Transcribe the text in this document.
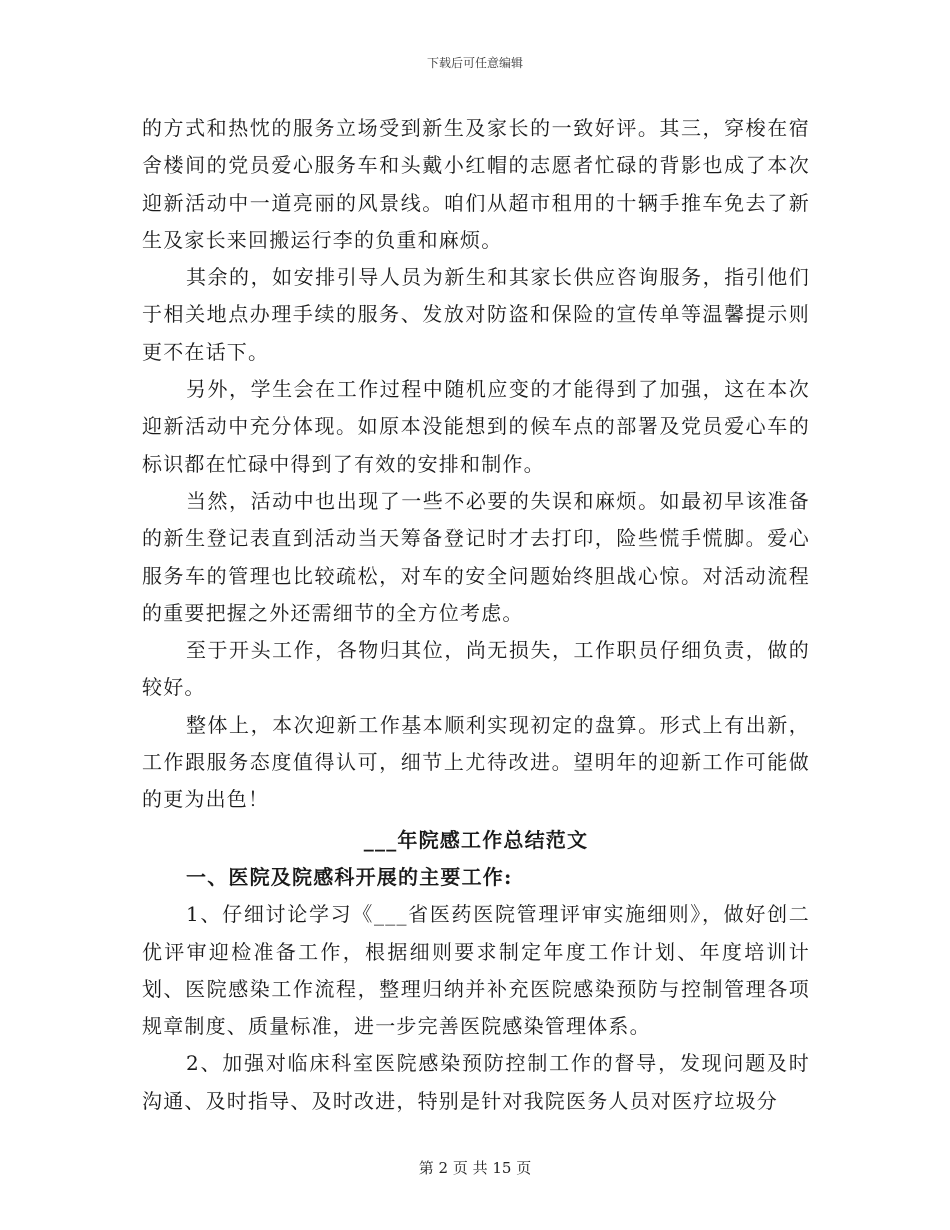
下载后可任意编辑

的方式和热忱的服务立场受到新生及家长的一致好评。其三，穿梭在宿舍楼间的党员爱心服务车和头戴小红帽的志愿者忙碌的背影也成了本次迎新活动中一道亮丽的风景线。咱们从超市租用的十辆手推车免去了新生及家长来回搬运行李的负重和麻烦。

其余的，如安排引导人员为新生和其家长供应咨询服务，指引他们于相关地点办理手续的服务、发放对防盗和保险的宣传单等温馨提示则更不在话下。

另外，学生会在工作过程中随机应变的才能得到了加强，这在本次迎新活动中充分体现。如原本没能想到的候车点的部署及党员爱心车的标识都在忙碌中得到了有效的安排和制作。

当然，活动中也出现了一些不必要的失误和麻烦。如最初早该准备的新生登记表直到活动当天筹备登记时才去打印，险些慌手慌脚。爱心服务车的管理也比较疏松，对车的安全问题始终胆战心惊。对活动流程的重要把握之外还需细节的全方位考虑。

至于开头工作，各物归其位，尚无损失，工作职员仔细负责，做的较好。

整体上，本次迎新工作基本顺利实现初定的盘算。形式上有出新，工作跟服务态度值得认可，细节上尤待改进。望明年的迎新工作可能做的更为出色！

___年院感工作总结范文
一、医院及院感科开展的主要工作:

1、仔细讨论学习《___省医药医院管理评审实施细则》，做好创二优评审迎检准备工作，根据细则要求制定年度工作计划、年度培训计划、医院感染工作流程，整理归纳并补充医院感染预防与控制管理各项规章制度、质量标准，进一步完善医院感染管理体系。

2、加强对临床科室医院感染预防控制工作的督导，发现问题及时沟通、及时指导、及时改进，特别是针对我院医务人员对医疗垃圾分

第 2 页 共 15 页
